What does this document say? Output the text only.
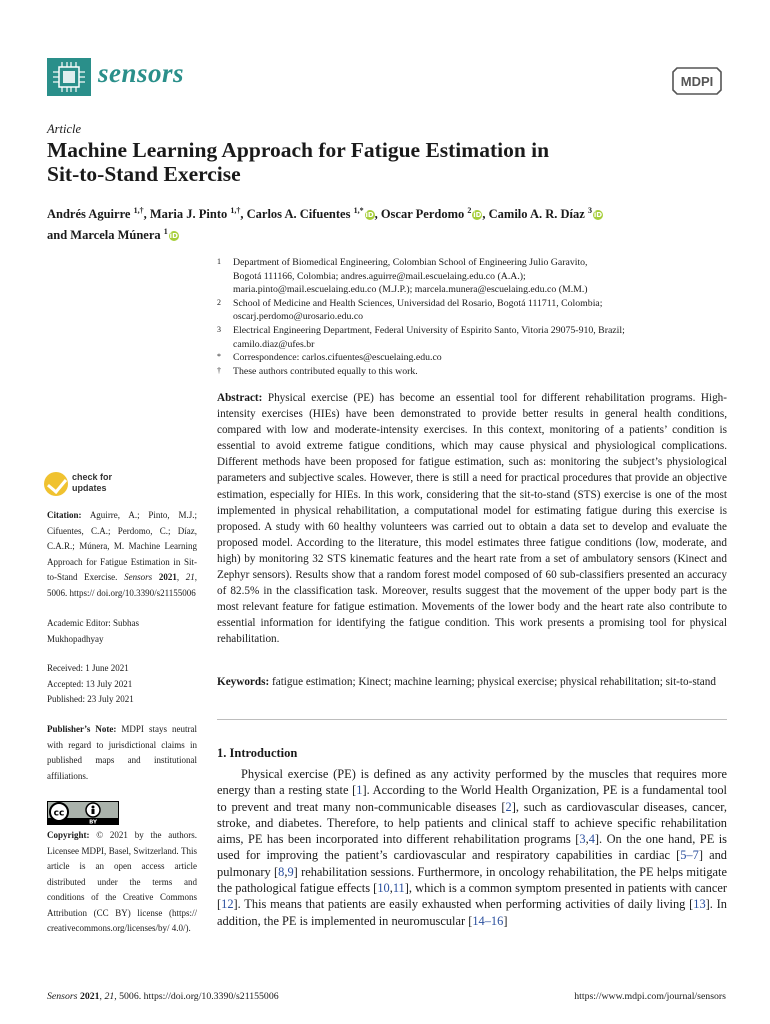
sensors	MDPI
Article
Machine Learning Approach for Fatigue Estimation in
Sit-to-Stand Exercise
Andrés Aguirre $^{1,\dagger}$, Maria J. Pinto $^{1,\dagger}$, Carlos A. Cifuentes $^{1,*}$iD, Oscar Perdomo $^2$iD, Camilo A. R. Díaz $^3$iD
and Marcela Múnera $^1$iD
1 Department of Biomedical Engineering, Colombian School of Engineering Julio Garavito,
Bogotá 111166, Colombia; andres.aguirre@mail.escuelaing.edu.co (A.A.);
maria.pinto@mail.escuelaing.edu.co (M.J.P.); marcela.munera@escuelaing.edu.co (M.M.)
2 School of Medicine and Health Sciences, Universidad del Rosario, Bogotá 111711, Colombia;
oscarj.perdomo@urosario.edu.co
3 Electrical Engineering Department, Federal University of Espirito Santo, Vitoria 29075-910, Brazil;
camilo.diaz@ufes.br
* Correspondence: carlos.cifuentes@escuelaing.edu.co
† These authors contributed equally to this work.
Abstract: Physical exercise (PE) has become an essential tool for different rehabilitation programs. High-intensity exercises (HIEs) have been demonstrated to provide better results in general health conditions, compared with low and moderate-intensity exercises. In this context, monitoring of a patients’ condition is essential to avoid extreme fatigue conditions, which may cause physical and physiological complications. Different methods have been proposed for fatigue estimation, such as: monitoring the subject’s physiological parameters and subjective scales. However, there is still a need for practical procedures that provide an objective estimation, especially for HIEs. In this work, considering that the sit-to-stand (STS) exercise is one of the most implemented in physical rehabilitation, a computational model for estimating fatigue during this exercise is proposed. A study with 60 healthy volunteers was carried out to obtain a data set to develop and evaluate the proposed model. According to the literature, this model estimates three fatigue conditions (low, moderate, and high) by monitoring 32 STS kinematic features and the heart rate from a set of ambulatory sensors (Kinect and Zephyr sensors). Results show that a random forest model composed of 60 sub-classifiers presented an accuracy of 82.5% in the classification task. Moreover, results suggest that the movement of the upper body part is the most relevant feature for fatigue estimation. Movements of the lower body and the heart rate also contribute to essential information for identifying the fatigue condition. This work presents a promising tool for physical rehabilitation.
Keywords: fatigue estimation; Kinect; machine learning; physical exercise; physical rehabilitation; sit-to-stand
1. Introduction
Physical exercise (PE) is defined as any activity performed by the muscles that requires more energy than a resting state [1]. According to the World Health Organization, PE is a fundamental tool to prevent and treat many non-communicable diseases [2], such as cardiovascular diseases, cancer, stroke, and diabetes. Therefore, to help patients and clinical staff to achieve specific rehabilitation aims, PE has been incorporated into different rehabilitation programs [3,4]. On the one hand, PE is used for improving the patient’s cardiovascular and respiratory capabilities in cardiac [5–7] and pulmonary [8,9] rehabilitation sessions. Furthermore, in oncology rehabilitation, the PE helps mitigate the pathological fatigue effects [10,11], which is a common symptom presented in patients with cancer [12]. This means that patients are easily exhausted when performing activities of daily living [13]. In addition, the PE is implemented in neuromuscular [14–16]
check for
updates
Citation: Aguirre, A.; Pinto, M.J.; Cifuentes, C.A.; Perdomo, C.; Díaz, C.A.R.; Múnera, M. Machine Learning Approach for Fatigue Estimation in Sit-to-Stand Exercise. Sensors 2021, 21, 5006. https:// doi.org/10.3390/s21155006
Academic Editor: Subhas
Mukhopadhyay
Received: 1 June 2021
Accepted: 13 July 2021
Published: 23 July 2021
Publisher’s Note: MDPI stays neutral with regard to jurisdictional claims in published maps and institutional affiliations.
cc
BY
Copyright: © 2021 by the authors. Licensee MDPI, Basel, Switzerland. This article is an open access article distributed under the terms and conditions of the Creative Commons Attribution (CC BY) license (https:// creativecommons.org/licenses/by/ 4.0/).
Sensors 2021, 21, 5006. https://doi.org/10.3390/s21155006	https://www.mdpi.com/journal/sensors
